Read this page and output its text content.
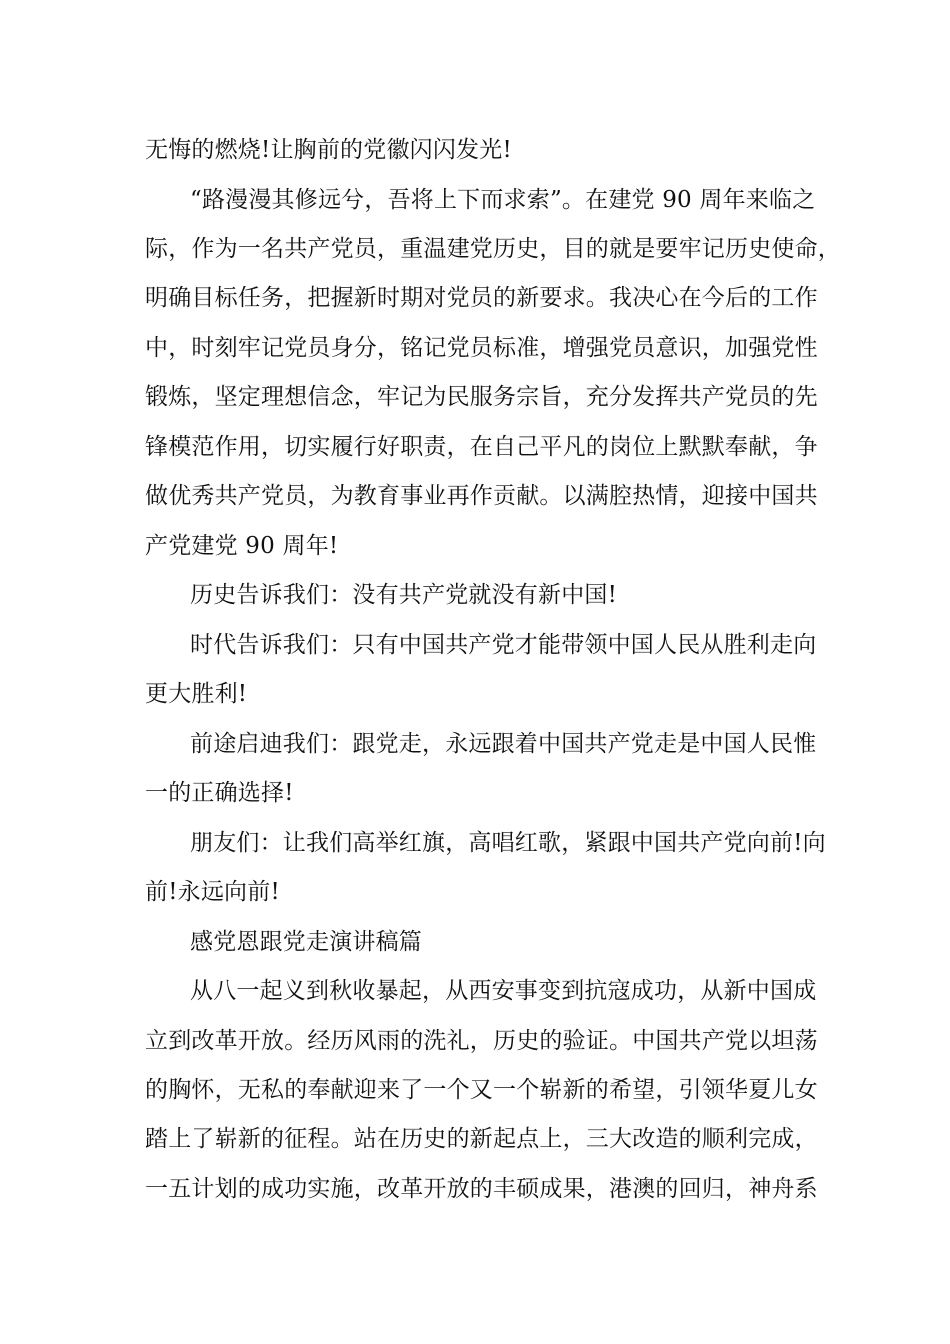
无悔的燃烧!让胸前的党徽闪闪发光!
“路漫漫其修远兮，吾将上下而求索”。在建党 90 周年来临之
际，作为一名共产党员，重温建党历史，目的就是要牢记历史使命，
明确目标任务，把握新时期对党员的新要求。我决心在今后的工作
中，时刻牢记党员身分，铭记党员标准，增强党员意识，加强党性
锻炼，坚定理想信念，牢记为民服务宗旨，充分发挥共产党员的先
锋模范作用，切实履行好职责，在自己平凡的岗位上默默奉献，争
做优秀共产党员，为教育事业再作贡献。以满腔热情，迎接中国共
产党建党 90 周年!
历史告诉我们：没有共产党就没有新中国!
时代告诉我们：只有中国共产党才能带领中国人民从胜利走向
更大胜利!
前途启迪我们：跟党走，永远跟着中国共产党走是中国人民惟
一的正确选择!
朋友们：让我们高举红旗，高唱红歌，紧跟中国共产党向前!向
前!永远向前!
感党恩跟党走演讲稿篇
从八一起义到秋收暴起，从西安事变到抗寇成功，从新中国成
立到改革开放。经历风雨的洗礼，历史的验证。中国共产党以坦荡
的胸怀，无私的奉献迎来了一个又一个崭新的希望，引领华夏儿女
踏上了崭新的征程。站在历史的新起点上，三大改造的顺利完成，
一五计划的成功实施，改革开放的丰硕成果，港澳的回归，神舟系
